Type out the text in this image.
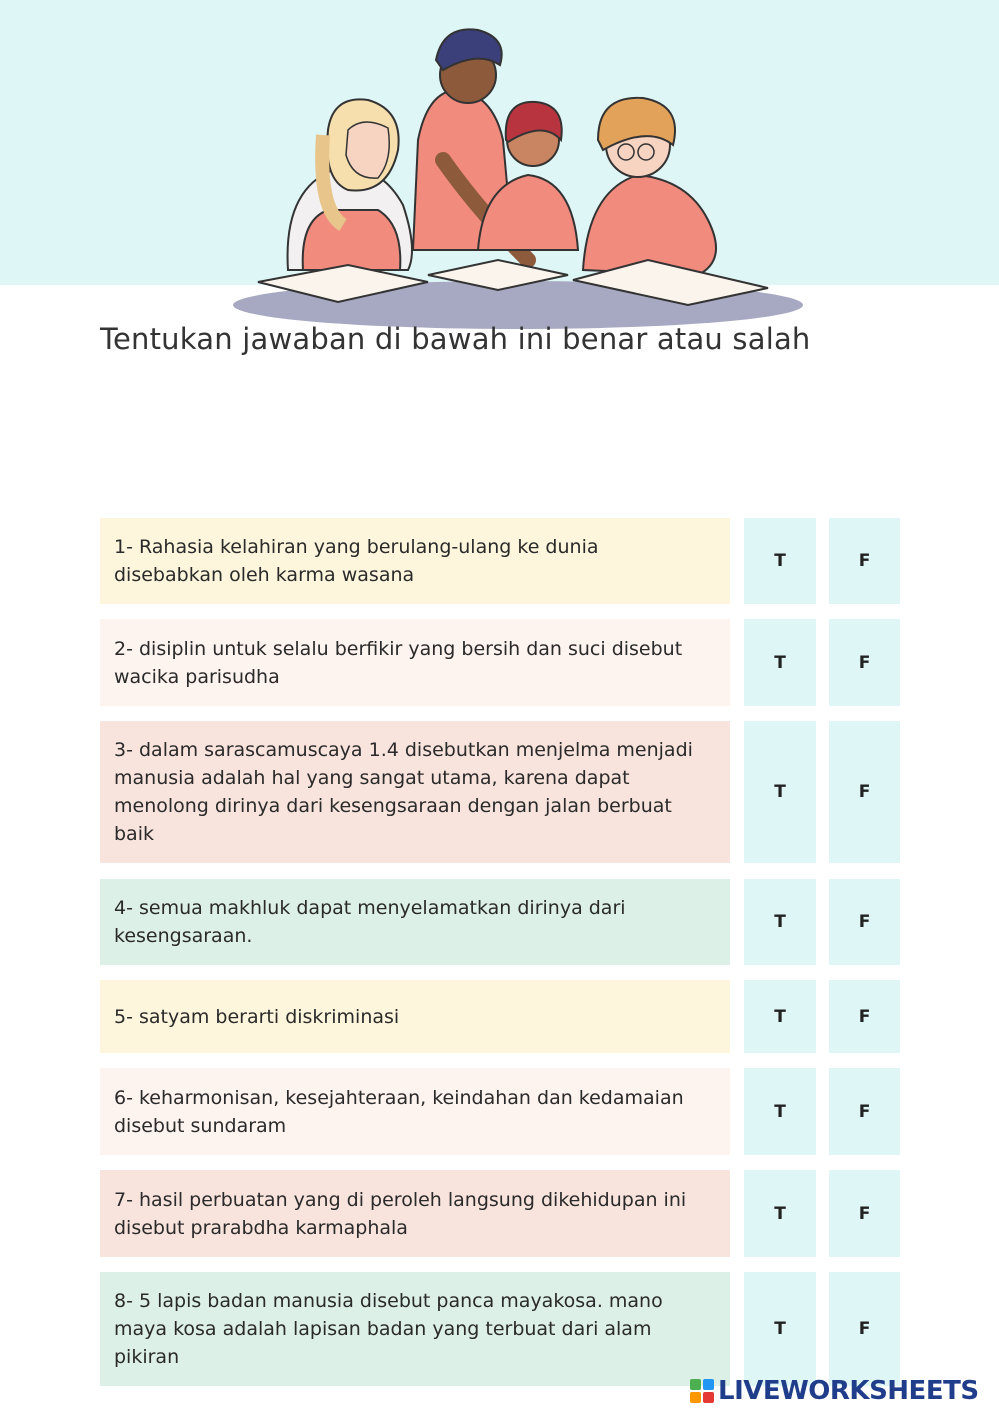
Tentukan jawaban di bawah ini benar atau salah
1- Rahasia kelahiran yang berulang-ulang ke dunia disebabkan oleh karma wasana
T	F
2- disiplin untuk selalu berfikir yang bersih dan suci disebut wacika parisudha
T	F
3- dalam sarascamuscaya 1.4 disebutkan menjelma menjadi manusia adalah hal yang sangat utama, karena dapat menolong dirinya dari kesengsaraan dengan jalan berbuat baik
T	F
4- semua makhluk dapat menyelamatkan dirinya dari kesengsaraan.
T	F
5- satyam berarti diskriminasi	T	F
6- keharmonisan, kesejahteraan, keindahan dan kedamaian disebut sundaram
T	F
7- hasil perbuatan yang di peroleh langsung dikehidupan ini disebut prarabdha karmaphala
T	F
8- 5 lapis badan manusia disebut panca mayakosa. mano maya kosa adalah lapisan badan yang terbuat dari alam pikiran
T	F
LIVEWORKSHEETS
